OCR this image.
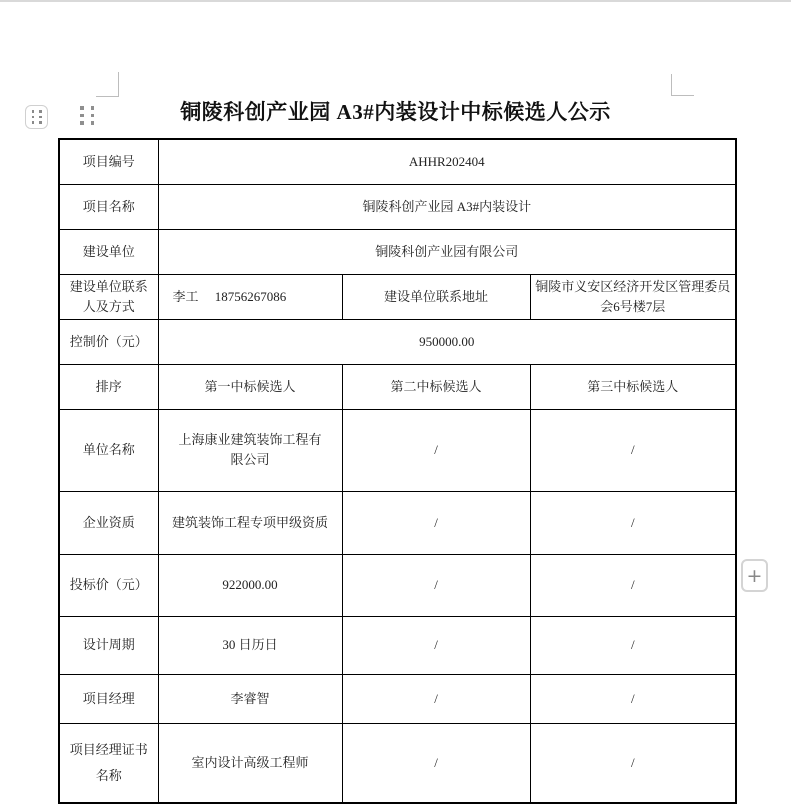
铜陵科创产业园 A3#内装设计中标候选人公示
项目编号	AHHR202404		
项目名称	铜陵科创产业园 A3#内装设计		
建设单位	铜陵科创产业园有限公司		
建设单位联系人及方式	李工　 18756267086	建设单位联系地址	铜陵市义安区经济开发区管理委员会6号楼7层
控制价（元）	950000.00		
排序	第一中标候选人	第二中标候选人	第三中标候选人
单位名称	上海康业建筑装饰工程有限公司	/	/
企业资质	建筑装饰工程专项甲级资质	/	/
投标价（元）	922000.00	/	/
设计周期	30 日历日	/	/
项目经理	李睿智	/	/
项目经理证书名称	室内设计高级工程师	/	/
+
